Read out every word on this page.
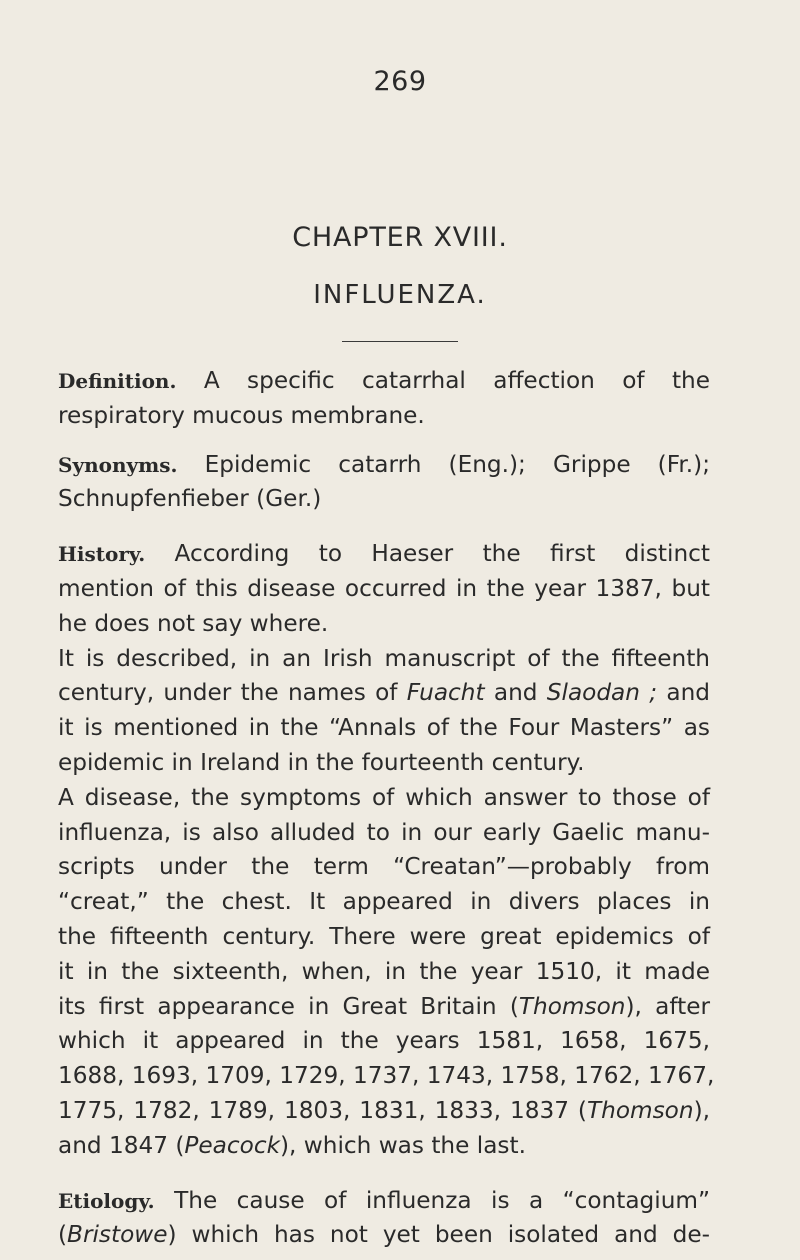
269
CHAPTER XVIII.
INFLUENZA.

Definition. A specific catarrhal affection of the
respiratory mucous membrane.

Synonyms. Epidemic catarrh (Eng.); Grippe (Fr.);
Schnupfenfieber (Ger.)

History. According to Haeser the first distinct
mention of this disease occurred in the year 1387, but
he does not say where.

It is described, in an Irish manuscript of the fifteenth
century, under the names of Fuacht and Slaodan ; and
it is mentioned in the “Annals of the Four Masters” as
epidemic in Ireland in the fourteenth century.

A disease, the symptoms of which answer to those of
influenza, is also alluded to in our early Gaelic manu-
scripts under the term “Creatan”—probably from
“creat,” the chest. It appeared in divers places in
the fifteenth century. There were great epidemics of
it in the sixteenth, when, in the year 1510, it made
its first appearance in Great Britain (Thomson), after
which it appeared in the years 1581, 1658, 1675,
1688, 1693, 1709, 1729, 1737, 1743, 1758, 1762, 1767,
1775, 1782, 1789, 1803, 1831, 1833, 1837 (Thomson),
and 1847 (Peacock), which was the last.

Etiology. The cause of influenza is a “contagium”
(Bristowe) which has not yet been isolated and de-
